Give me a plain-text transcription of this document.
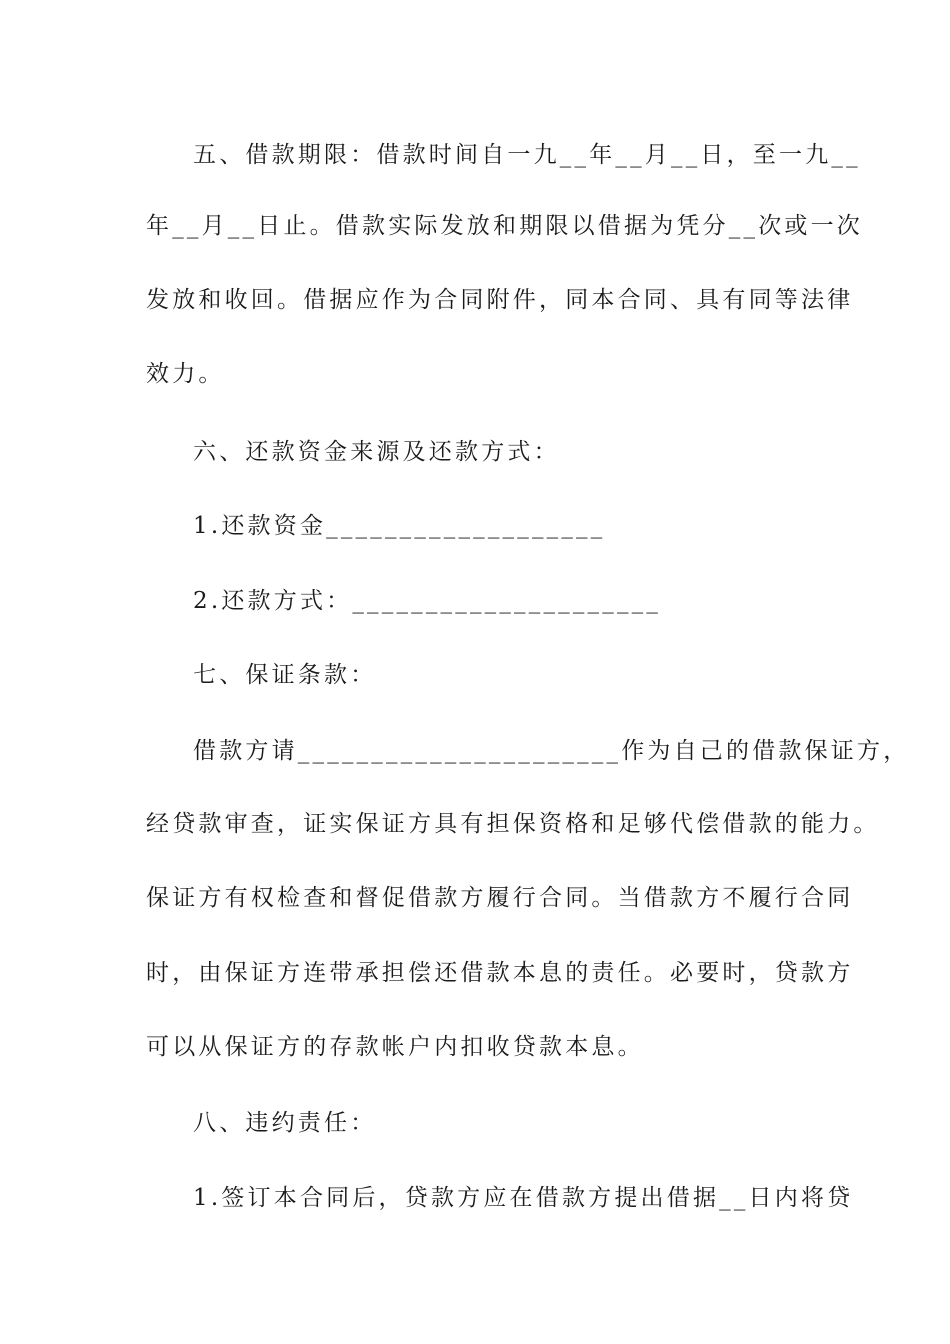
五、借款期限：借款时间自一九__年__月__日，至一九__
年__月__日止。借款实际发放和期限以借据为凭分__次或一次
发放和收回。借据应作为合同附件，同本合同、具有同等法律
效力。
六、还款资金来源及还款方式：
1.还款资金___________________
2.还款方式：_____________________
七、保证条款：
借款方请______________________作为自己的借款保证方，
经贷款审查，证实保证方具有担保资格和足够代偿借款的能力。
保证方有权检查和督促借款方履行合同。当借款方不履行合同
时，由保证方连带承担偿还借款本息的责任。必要时，贷款方
可以从保证方的存款帐户内扣收贷款本息。
八、违约责任：
1.签订本合同后，贷款方应在借款方提出借据__日内将贷
